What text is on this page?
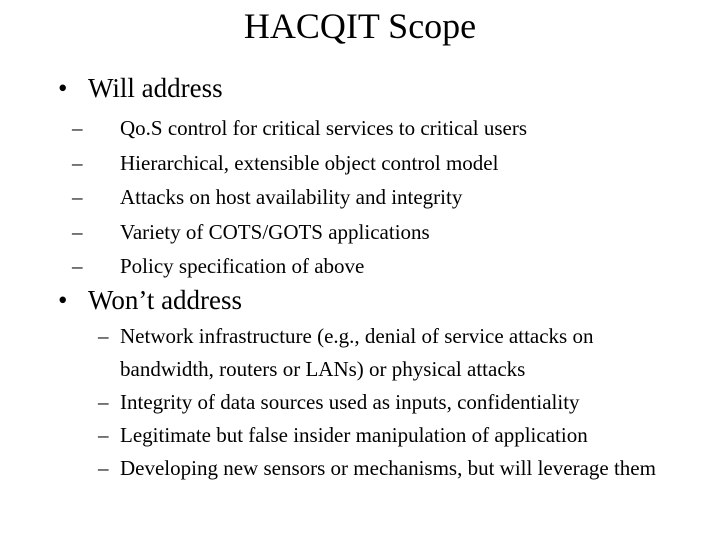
HACQIT Scope
• Will address
– Qo.S control for critical services to critical users
– Hierarchical, extensible object control model
– Attacks on host availability and integrity
– Variety of COTS/GOTS applications
– Policy specification of above
• Won’t address
– Network infrastructure (e.g., denial of service attacks on bandwidth, routers or LANs) or physical attacks
– Integrity of data sources used as inputs, confidentiality
– Legitimate but false insider manipulation of application
– Developing new sensors or mechanisms, but will leverage them
